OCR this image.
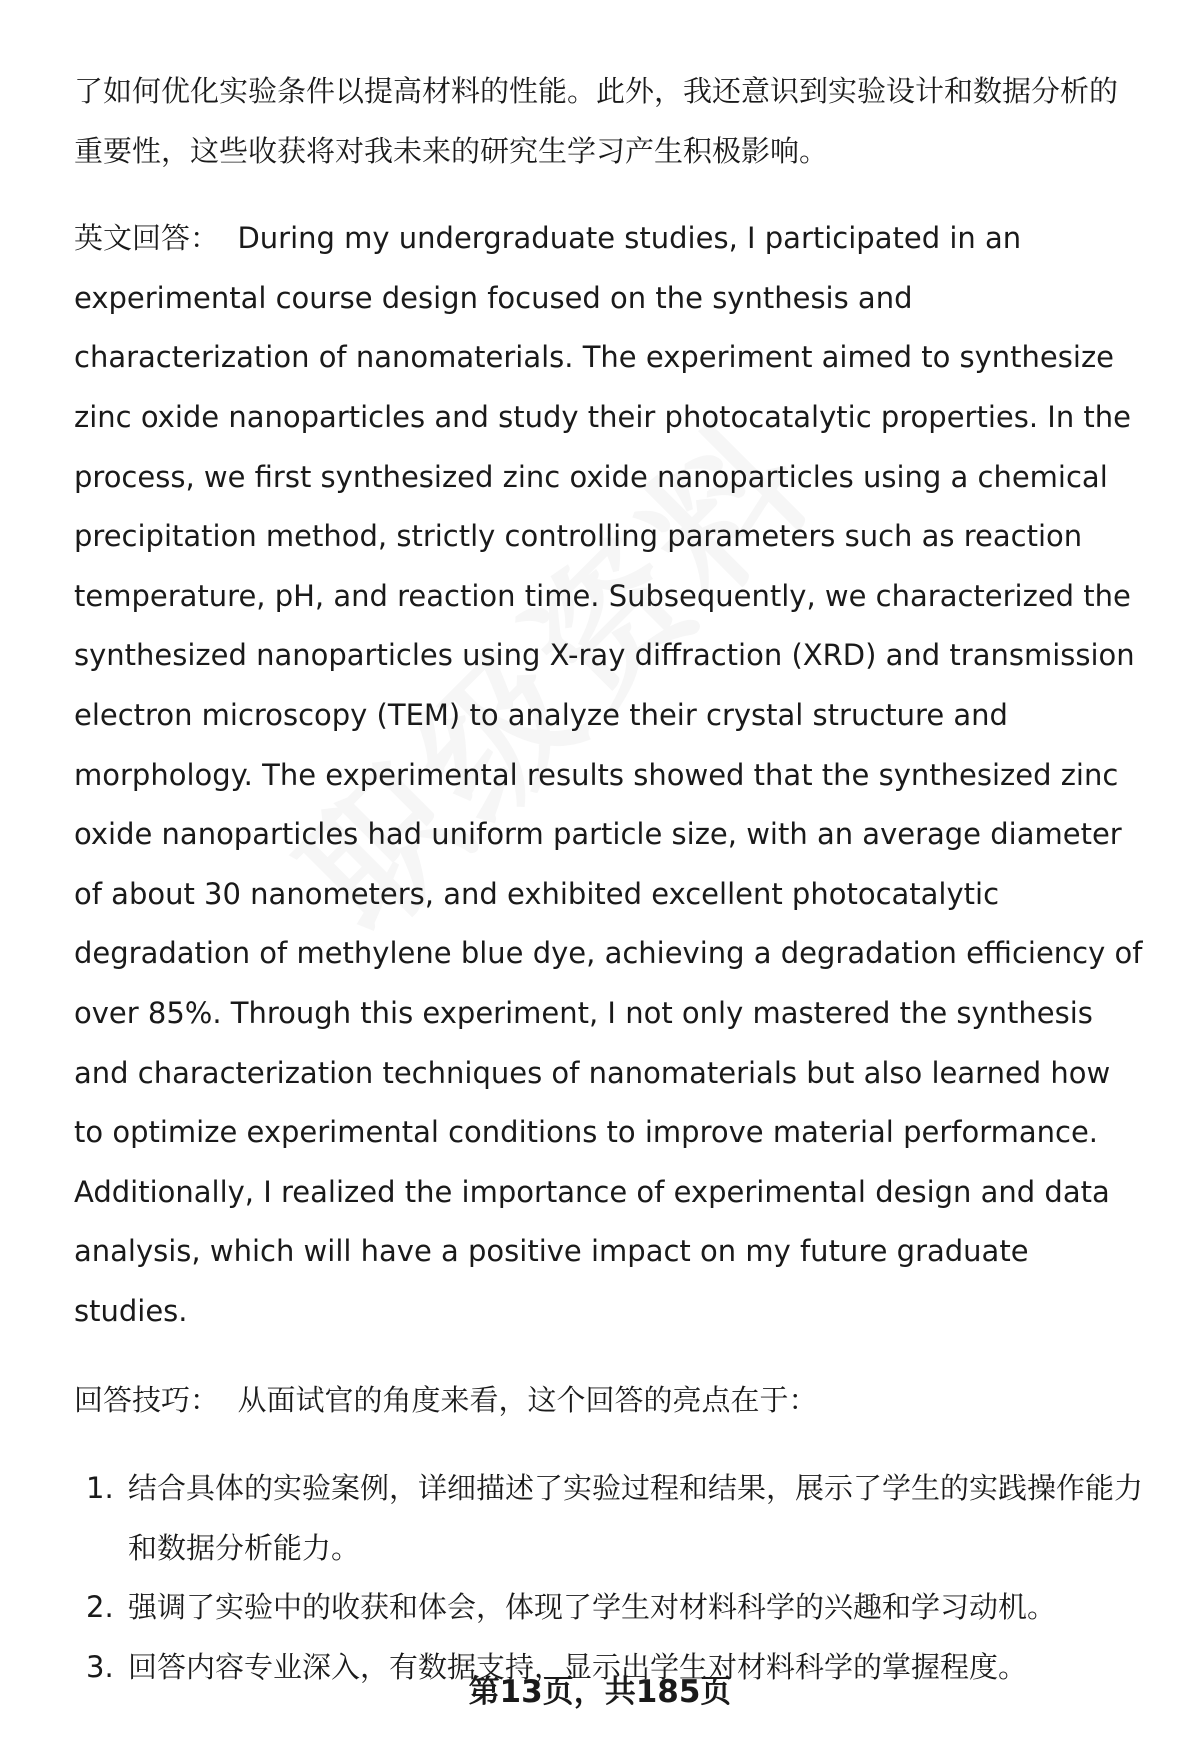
了如何优化实验条件以提高材料的性能。此外，我还意识到实验设计和数据分析的重要性，这些收获将对我未来的研究生学习产生积极影响。

英文回答： During my undergraduate studies, I participated in an experimental course design focused on the synthesis and characterization of nanomaterials. The experiment aimed to synthesize zinc oxide nanoparticles and study their photocatalytic properties. In the process, we first synthesized zinc oxide nanoparticles using a chemical precipitation method, strictly controlling parameters such as reaction temperature, pH, and reaction time. Subsequently, we characterized the synthesized nanoparticles using X-ray diffraction (XRD) and transmission electron microscopy (TEM) to analyze their crystal structure and morphology. The experimental results showed that the synthesized zinc oxide nanoparticles had uniform particle size, with an average diameter of about 30 nanometers, and exhibited excellent photocatalytic degradation of methylene blue dye, achieving a degradation efficiency of over 85%. Through this experiment, I not only mastered the synthesis and characterization techniques of nanomaterials but also learned how to optimize experimental conditions to improve material performance. Additionally, I realized the importance of experimental design and data analysis, which will have a positive impact on my future graduate studies.

回答技巧： 从面试官的角度来看，这个回答的亮点在于：

1. 结合具体的实验案例，详细描述了实验过程和结果，展示了学生的实践操作能力和数据分析能力。
2. 强调了实验中的收获和体会，体现了学生对材料科学的兴趣和学习动机。
3. 回答内容专业深入，有数据支持，显示出学生对材料科学的掌握程度。
第13页，共185页
